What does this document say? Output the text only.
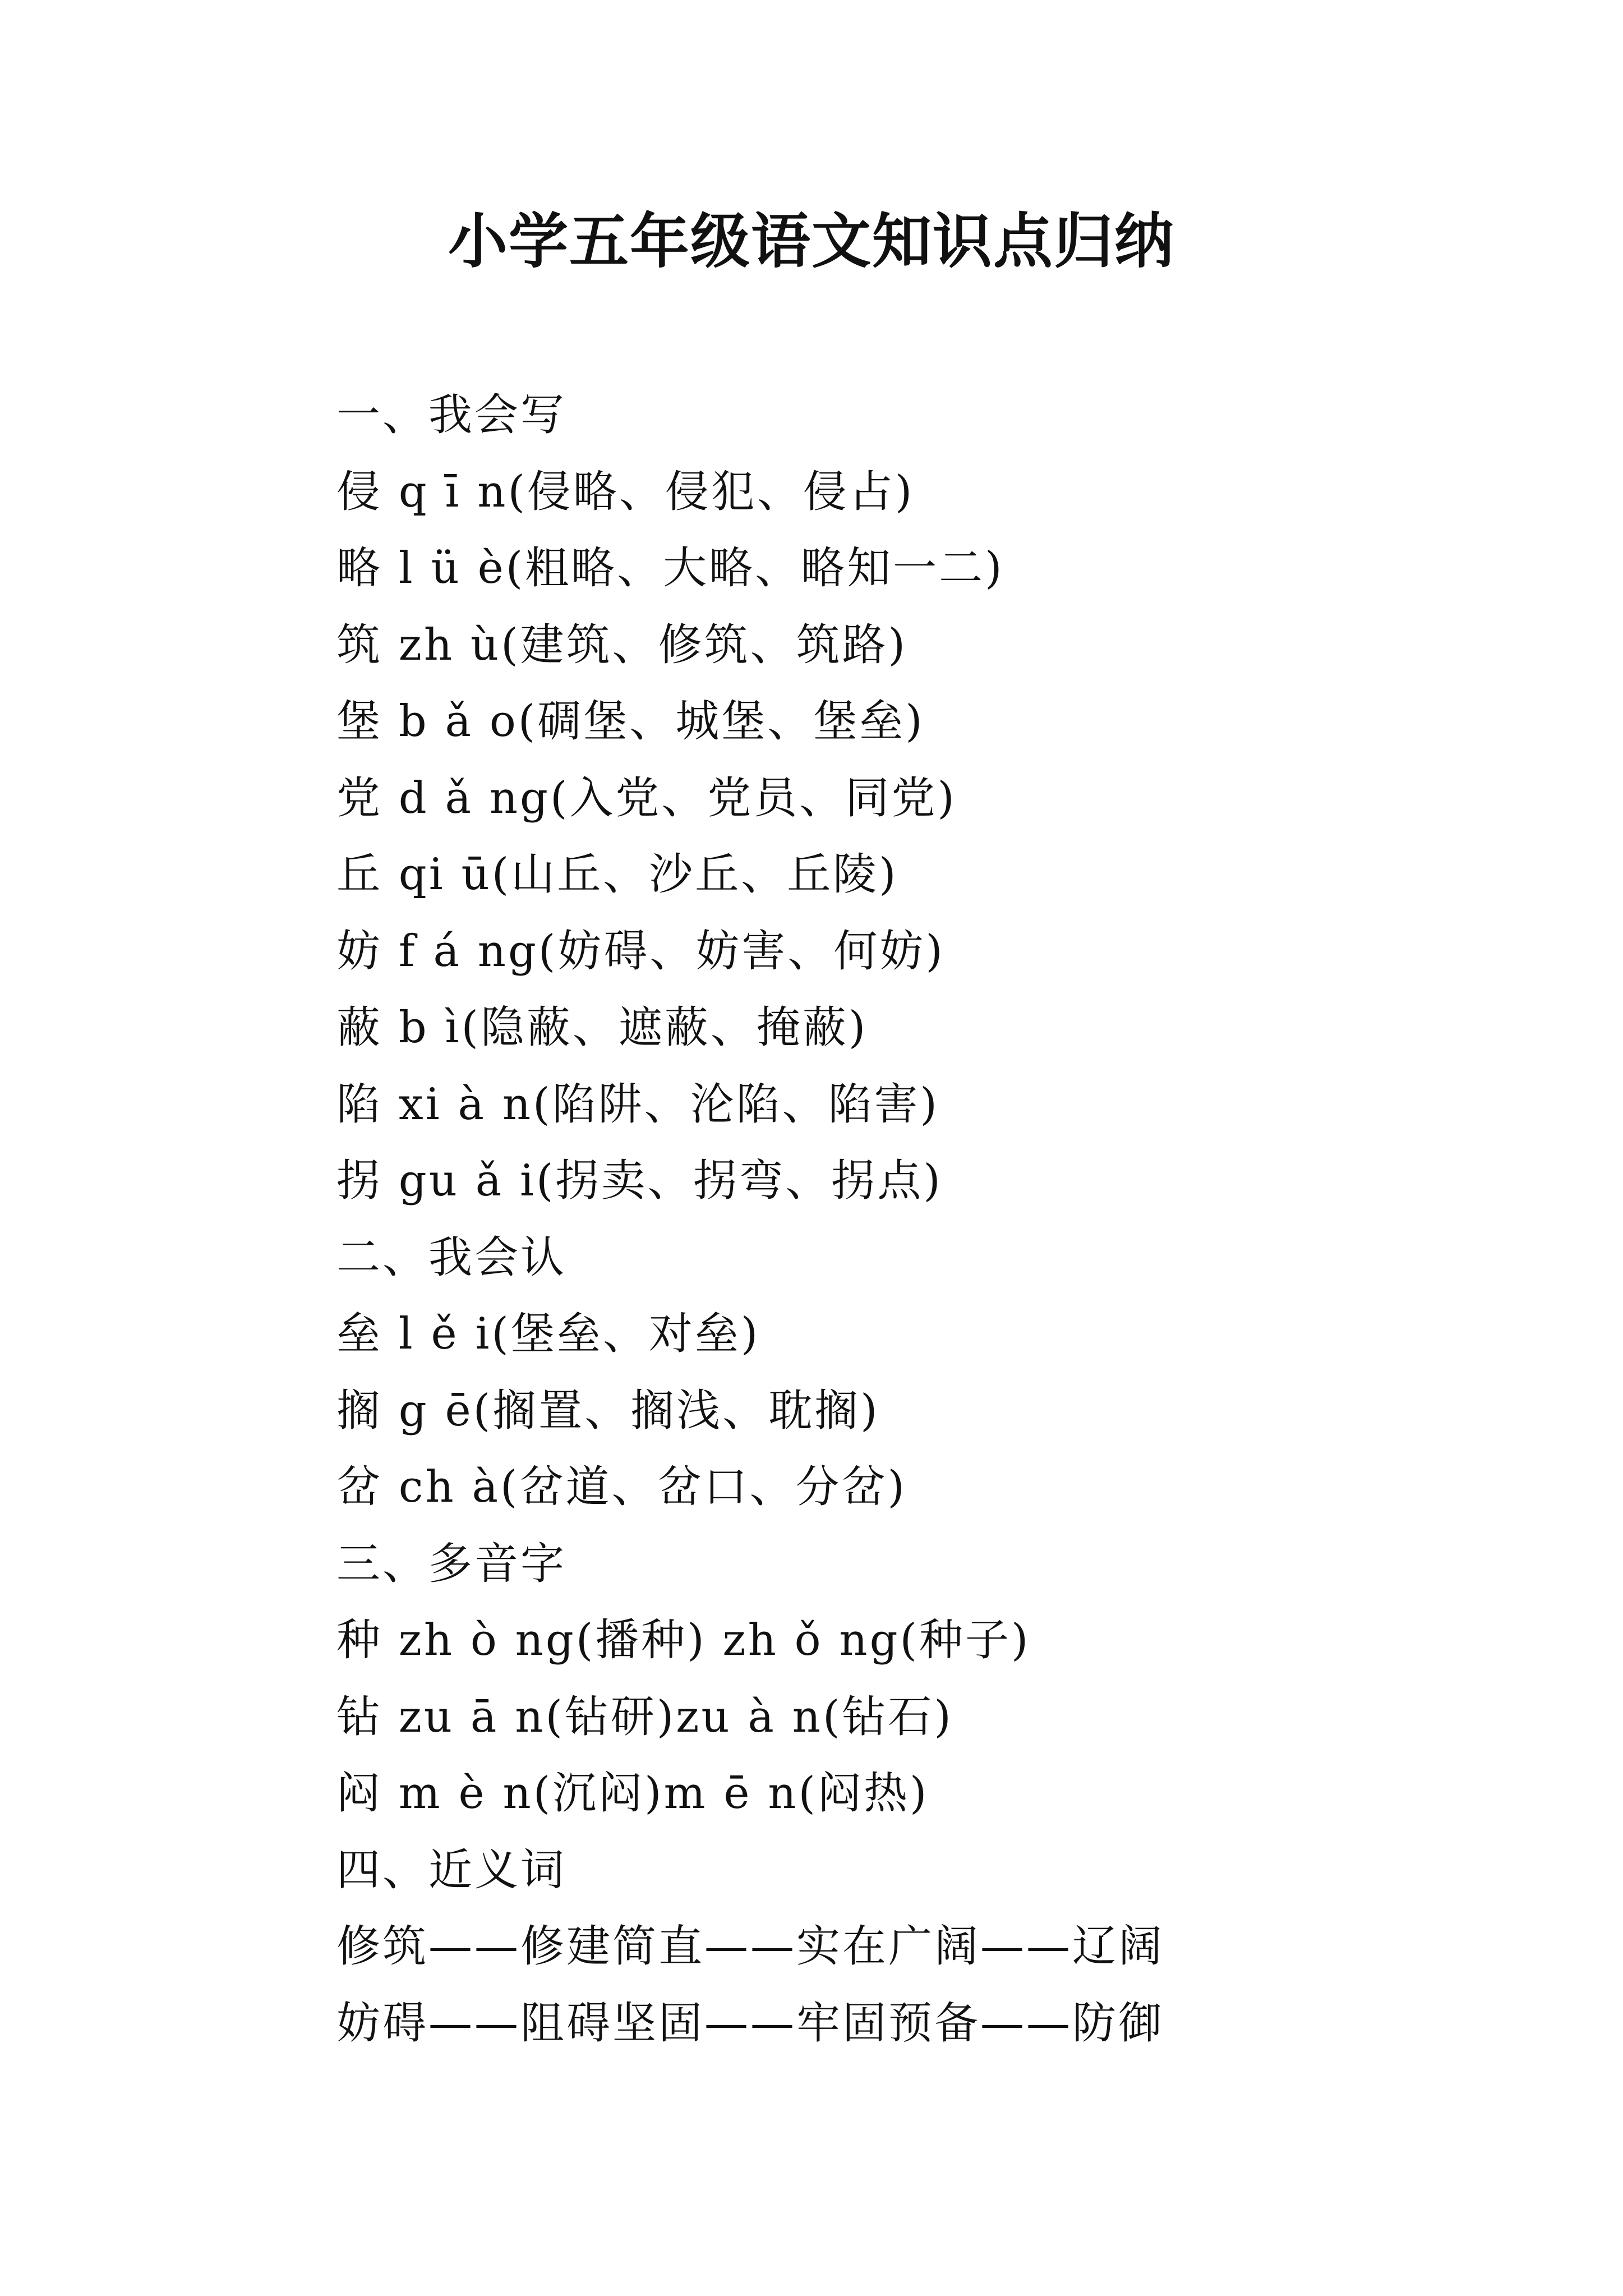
小学五年级语文知识点归纳
一、我会写
侵 q ī n(侵略、侵犯、侵占)
略 l ü è(粗略、大略、略知一二)
筑 zh ù(建筑、修筑、筑路)
堡 b ǎ o(碉堡、城堡、堡垒)
党 d ǎ ng(入党、党员、同党)
丘 qi ū(山丘、沙丘、丘陵)
妨 f á ng(妨碍、妨害、何妨)
蔽 b ì(隐蔽、遮蔽、掩蔽)
陷 xi à n(陷阱、沦陷、陷害)
拐 gu ǎ i(拐卖、拐弯、拐点)
二、我会认
垒 l ě i(堡垒、对垒)
搁 g ē(搁置、搁浅、耽搁)
岔 ch à(岔道、岔口、分岔)
三、多音字
种 zh ò ng(播种) zh ǒ ng(种子)
钻 zu ā n(钻研)zu à n(钻石)
闷 m è n(沉闷)m ē n(闷热)
四、近义词
修筑——修建简直——实在广阔——辽阔
妨碍——阻碍坚固——牢固预备——防御
